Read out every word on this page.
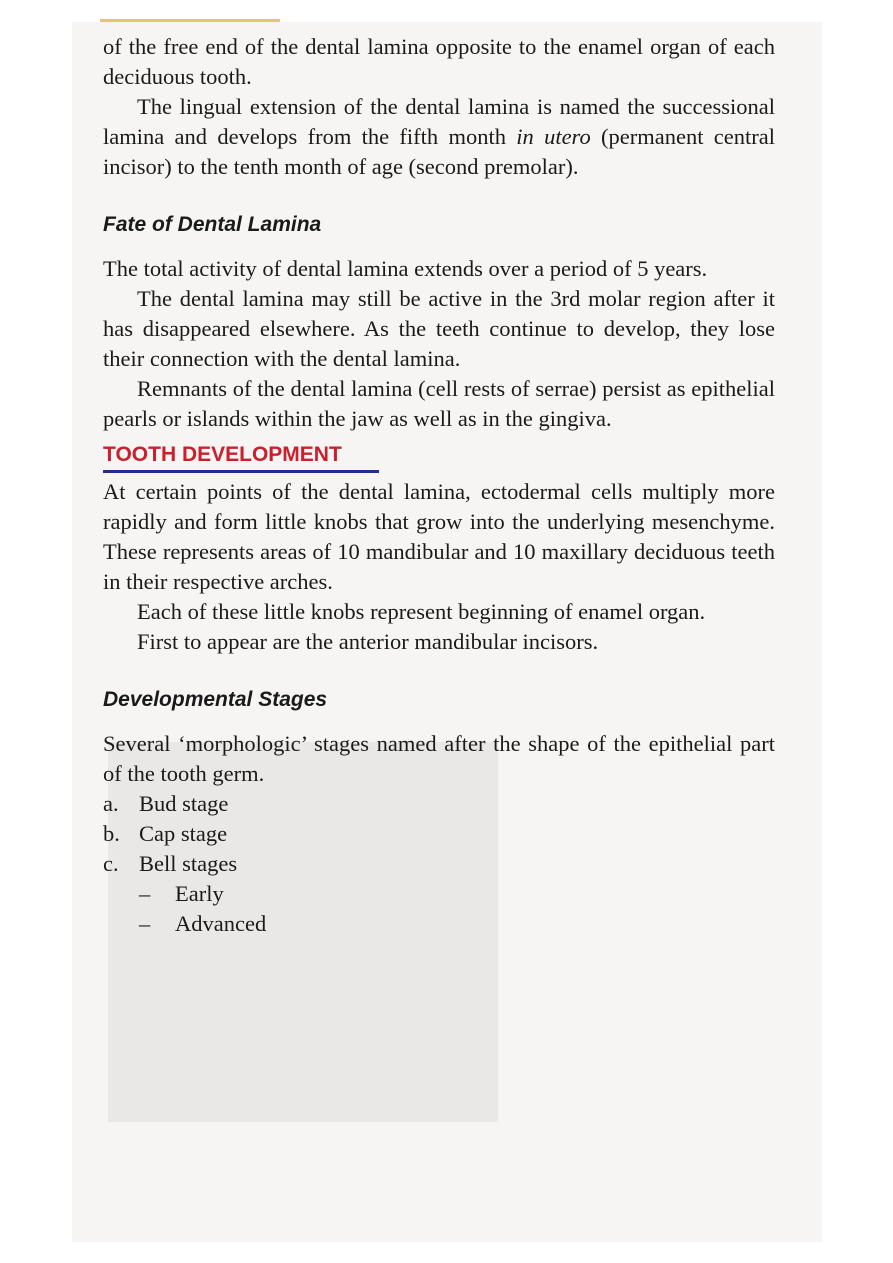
of the free end of the dental lamina opposite to the enamel organ of each deciduous tooth.

The lingual extension of the dental lamina is named the successional lamina and develops from the fifth month in utero (permanent central incisor) to the tenth month of age (second premolar).

Fate of Dental Lamina

The total activity of dental lamina extends over a period of 5 years.

The dental lamina may still be active in the 3rd molar region after it has disappeared elsewhere. As the teeth continue to develop, they lose their connection with the dental lamina.

Remnants of the dental lamina (cell rests of serrae) persist as epithelial pearls or islands within the jaw as well as in the gingiva.

TOOTH DEVELOPMENT

At certain points of the dental lamina, ectodermal cells multiply more rapidly and form little knobs that grow into the underlying mesenchyme. These represents areas of 10 mandibular and 10 maxillary deciduous teeth in their respective arches.

Each of these little knobs represent beginning of enamel organ.

First to appear are the anterior mandibular incisors.

Developmental Stages

Several ‘morphologic’ stages named after the shape of the epithelial part of the tooth germ.

a. Bud stage
b. Cap stage
c. Bell stages
–	Early
–	Advanced
